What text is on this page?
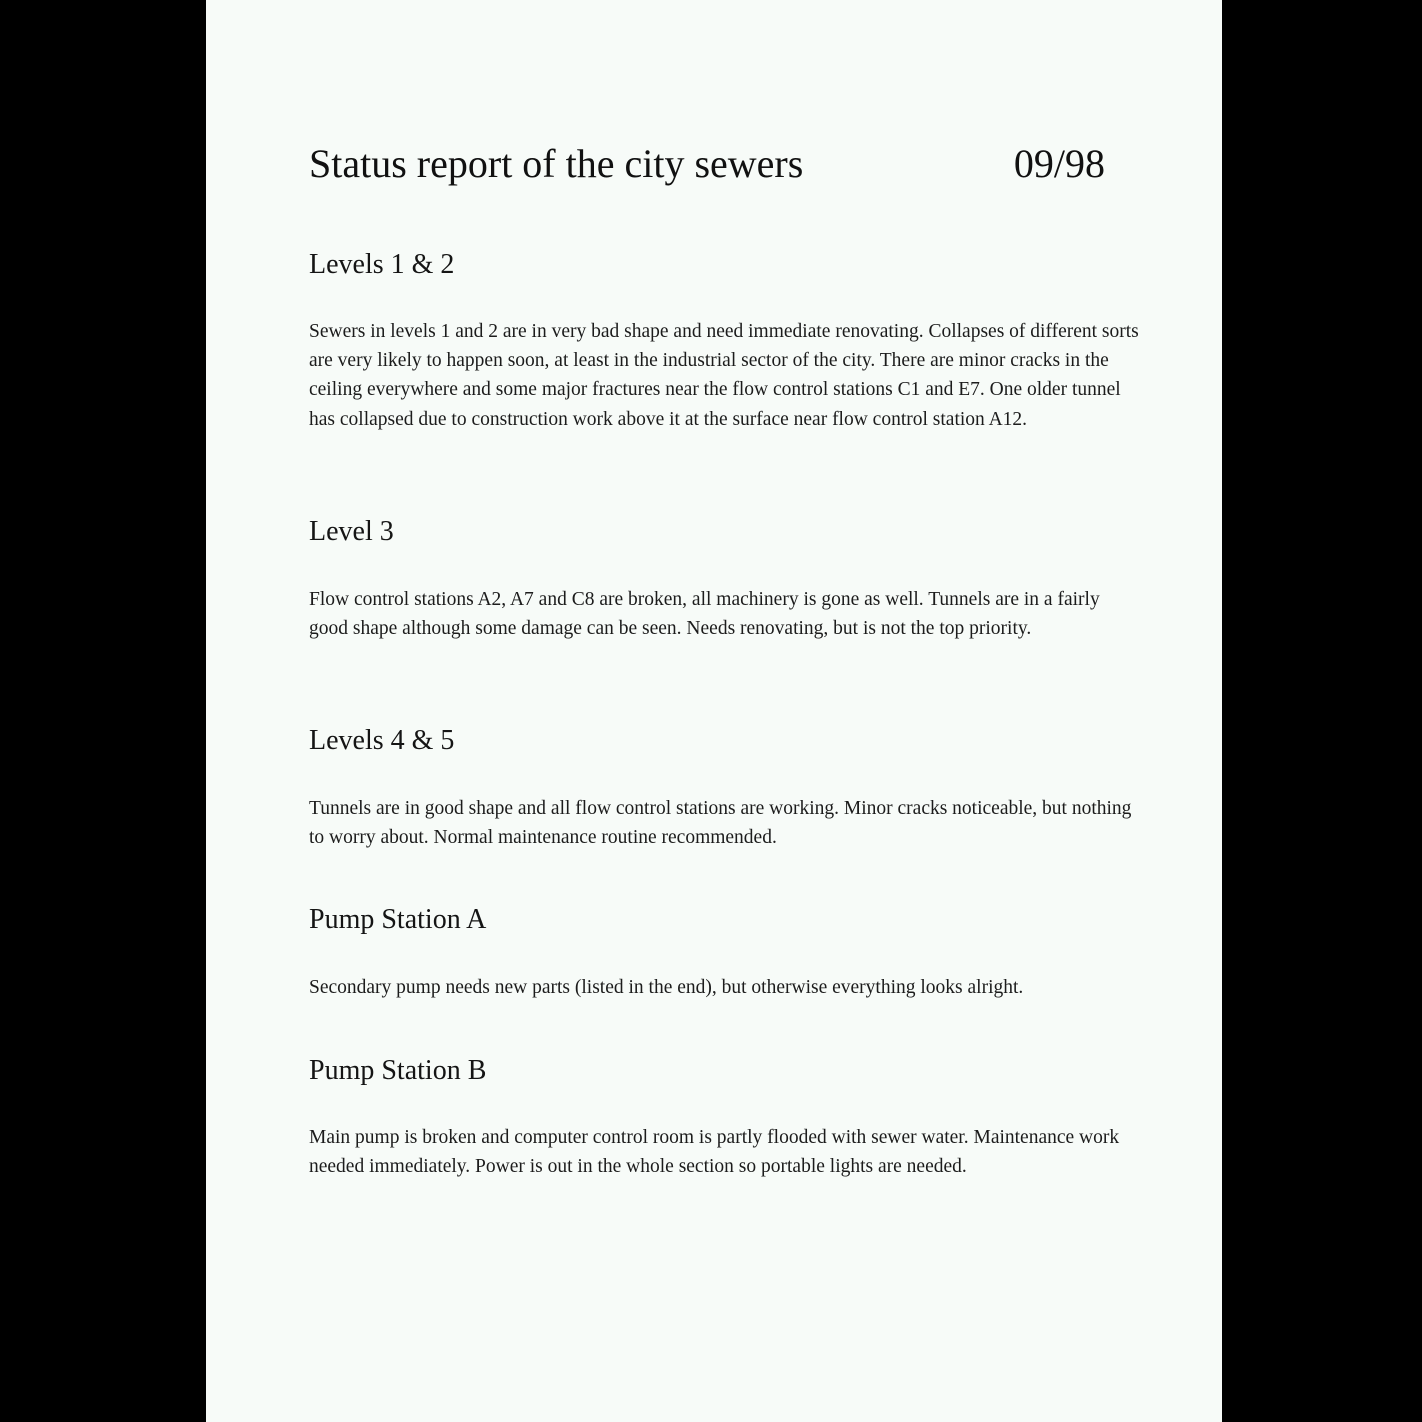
Status report of the city sewers	09/98
Levels 1 & 2
Sewers in levels 1 and 2 are in very bad shape and need immediate renovating. Collapses of different sorts are very likely to happen soon, at least in the industrial sector of the city. There are minor cracks in the ceiling everywhere and some major fractures near the flow control stations C1 and E7. One older tunnel has collapsed due to construction work above it at the surface near flow control station A12.
Level 3
Flow control stations A2, A7 and C8 are broken, all machinery is gone as well. Tunnels are in a fairly good shape although some damage can be seen. Needs renovating, but is not the top priority.
Levels 4 & 5
Tunnels are in good shape and all flow control stations are working. Minor cracks noticeable, but nothing to worry about. Normal maintenance routine recommended.
Pump Station A
Secondary pump needs new parts (listed in the end), but otherwise everything looks alright.
Pump Station B
Main pump is broken and computer control room is partly flooded with sewer water. Maintenance work needed immediately. Power is out in the whole section so portable lights are needed.
